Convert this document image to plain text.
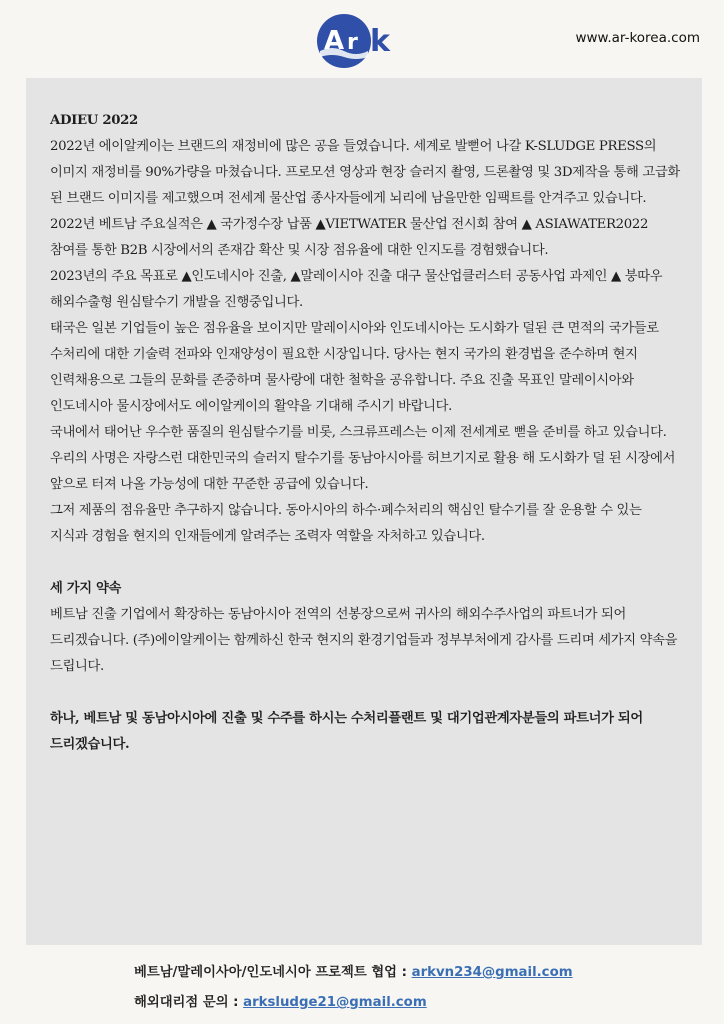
A r k	www.ar-korea.com

ADIEU 2022

2022년 에이알케이는 브랜드의 재정비에 많은 공을 들였습니다. 세계로 발뻗어 나갈 K-SLUDGE PRESS의 이미지 재정비를 90%가량을 마쳤습니다. 프로모션 영상과 현장 슬러지 촬영, 드론촬영 및 3D제작을 통해 고급화 된 브랜드 이미지를 제고했으며 전세계 물산업 종사자들에게 뇌리에 남을만한 임팩트를 안겨주고 있습니다.

2022년 베트남 주요실적은 ▲ 국가정수장 납품 ▲VIETWATER 물산업 전시회 참여 ▲ ASIAWATER2022 참여를 통한 B2B 시장에서의 존재감 확산 및 시장 점유율에 대한 인지도를 경험했습니다.

2023년의 주요 목표로 ▲인도네시아 진출, ▲말레이시아 진출 대구 물산업클러스터 공동사업 과제인 ▲ 붕따우 해외수출형 원심탈수기 개발을 진행중입니다.

태국은 일본 기업들이 높은 점유율을 보이지만 말레이시아와 인도네시아는 도시화가 덜된 큰 면적의 국가들로 수처리에 대한 기술력 전파와 인재양성이 필요한 시장입니다. 당사는 현지 국가의 환경법을 준수하며 현지 인력채용으로 그들의 문화를 존중하며 물사랑에 대한 철학을 공유합니다. 주요 진출 목표인 말레이시아와 인도네시아 물시장에서도 에이알케이의 활약을 기대해 주시기 바랍니다.

국내에서 태어난 우수한 품질의 원심탈수기를 비롯, 스크류프레스는 이제 전세계로 뻗을 준비를 하고 있습니다. 우리의 사명은 자랑스런 대한민국의 슬러지 탈수기를 동남아시아를 허브기지로 활용 해 도시화가 덜 된 시장에서 앞으로 터져 나올 가능성에 대한 꾸준한 공급에 있습니다.

그저 제품의 점유율만 추구하지 않습니다. 동아시아의 하수·폐수처리의 핵심인 탈수기를 잘 운용할 수 있는 지식과 경험을 현지의 인재들에게 알려주는 조력자 역할을 자처하고 있습니다.

세 가지 약속

베트남 진출 기업에서 확장하는 동남아시아 전역의 선봉장으로써 귀사의 해외수주사업의 파트너가 되어 드리겠습니다. (주)에이알케이는 함께하신 한국 현지의 환경기업들과 정부부처에게 감사를 드리며 세가지 약속을 드립니다.

하나, 베트남 및 동남아시아에 진출 및 수주를 하시는 수처리플랜트 및 대기업관계자분들의 파트너가 되어 드리겠습니다.

베트남/말레이사아/인도네시아 프로젝트 협업 : arkvn234@gmail.com
해외대리점 문의 : arksludge21@gmail.com
